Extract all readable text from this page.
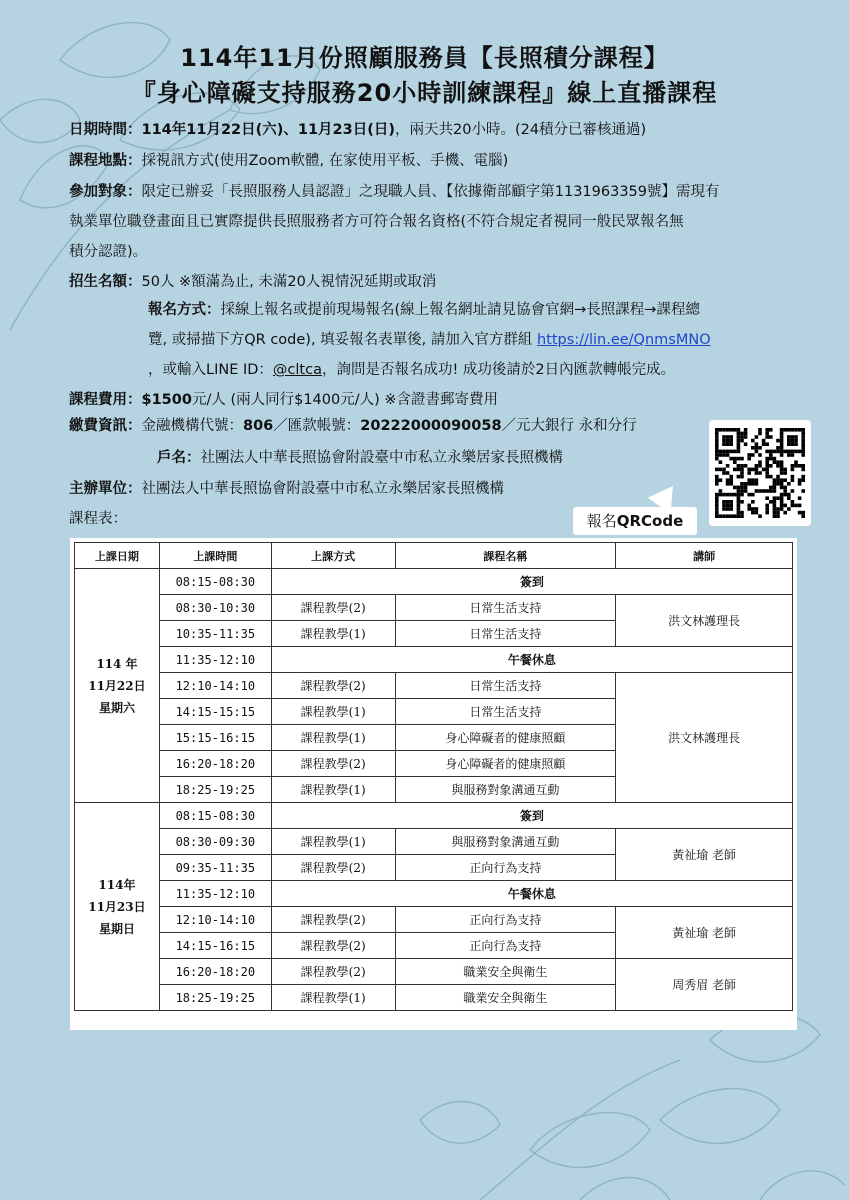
114年11月份照顧服務員【長照積分課程】
『身心障礙支持服務20小時訓練課程』線上直播課程
日期時間：114年11月22日(六)、11月23日(日)，兩天共20小時。(24積分已審核通過)
課程地點：採視訊方式(使用Zoom軟體, 在家使用平板、手機、電腦)
參加對象：限定已辦妥「長照服務人員認證」之現職人員、【依據衛部顧字第1131963359號】需現有
執業單位職登畫面且已實際提供長照服務者方可符合報名資格(不符合規定者視同一般民眾報名無
積分認證)。
招生名額：50人 ※額滿為止, 未滿20人視情況延期或取消
報名方式：採線上報名或提前現場報名(線上報名網址請見協會官網→長照課程→課程總
覽, 或掃描下方QR code), 填妥報名表單後, 請加入官方群組 https://lin.ee/QnmsMNO
，或輸入LINE ID：@cltca，詢問是否報名成功! 成功後請於2日內匯款轉帳完成。
課程費用：$1500元/人 (兩人同行$1400元/人) ※含證書郵寄費用
繳費資訊：金融機構代號：806／匯款帳號：20222000090058／元大銀行 永和分行
戶名：社團法人中華長照協會附設臺中市私立永樂居家長照機構
主辦單位：社團法人中華長照協會附設臺中市私立永樂居家長照機構
課程表：	報名QRCode
上課日期	上課時間	上課方式	課程名稱	講師

114 年
11月22日
星期六	08:15-08:30	簽到		
	08:30-10:30	課程教學(2)	日常生活支持	洪文林護理長
	10:35-11:35	課程教學(1)	日常生活支持	
	11:35-12:10	午餐休息		
	12:10-14:10	課程教學(2)	日常生活支持	洪文林護理長
	14:15-15:15	課程教學(1)	日常生活支持	
	15:15-16:15	課程教學(1)	身心障礙者的健康照顧	
	16:20-18:20	課程教學(2)	身心障礙者的健康照顧	
	18:25-19:25	課程教學(1)	與服務對象溝通互動	

114年
11月23日
星期日	08:15-08:30	簽到		
	08:30-09:30	課程教學(1)	與服務對象溝通互動	黃祉瑜 老師
	09:35-11:35	課程教學(2)	正向行為支持	
	11:35-12:10	午餐休息		
	12:10-14:10	課程教學(2)	正向行為支持	黃祉瑜 老師
	14:15-16:15	課程教學(2)	正向行為支持	
	16:20-18:20	課程教學(2)	職業安全與衛生	周秀眉 老師
	18:25-19:25	課程教學(1)	職業安全與衛生	
